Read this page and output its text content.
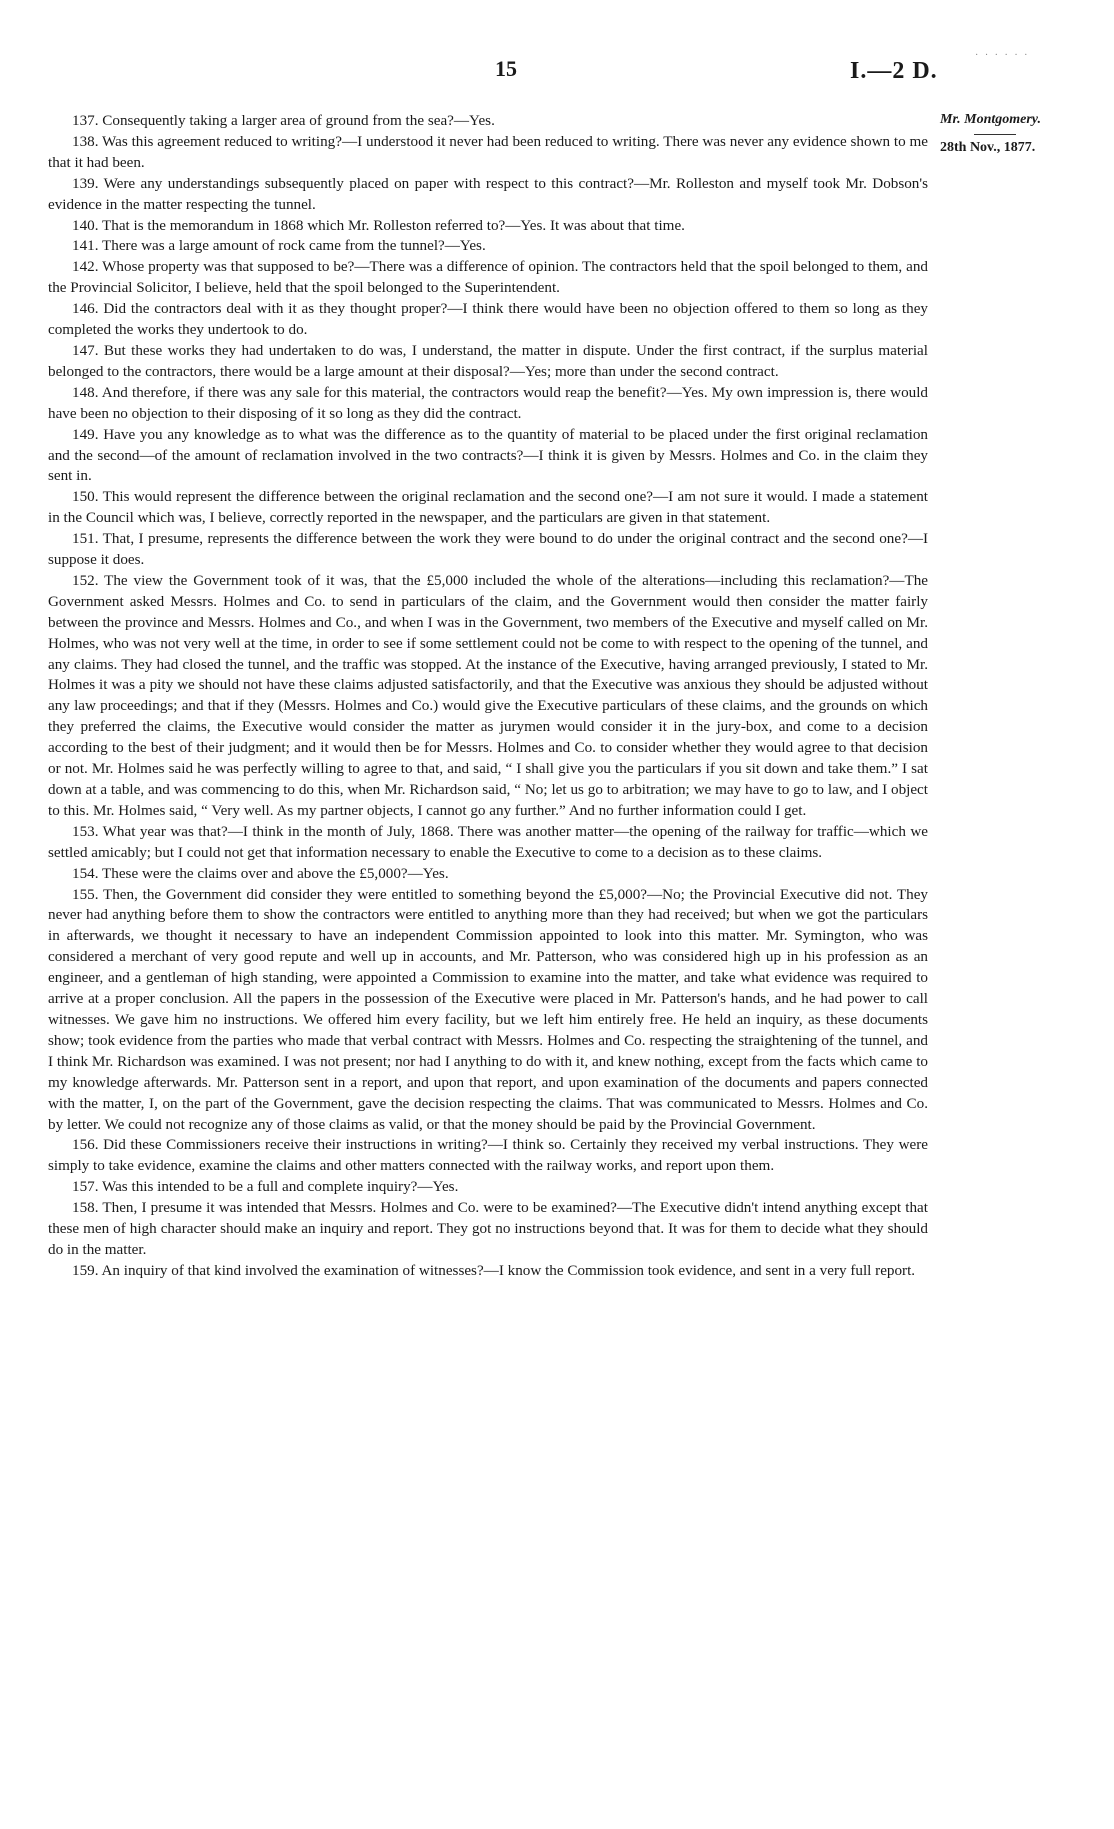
15	I.—2 D.
· · · · · ·
Mr. Montgomery.
28th Nov., 1877.

137. Consequently taking a larger area of ground from the sea?—Yes.

138. Was this agreement reduced to writing?—I understood it never had been reduced to writing. There was never any evidence shown to me that it had been.

139. Were any understandings subsequently placed on paper with respect to this contract?—Mr. Rolleston and myself took Mr. Dobson's evidence in the matter respecting the tunnel.

140. That is the memorandum in 1868 which Mr. Rolleston referred to?—Yes. It was about that time.

141. There was a large amount of rock came from the tunnel?—Yes.

142. Whose property was that supposed to be?—There was a difference of opinion. The contractors held that the spoil belonged to them, and the Provincial Solicitor, I believe, held that the spoil belonged to the Superintendent.

146. Did the contractors deal with it as they thought proper?—I think there would have been no objection offered to them so long as they completed the works they undertook to do.

147. But these works they had undertaken to do was, I understand, the matter in dispute. Under the first contract, if the surplus material belonged to the contractors, there would be a large amount at their disposal?—Yes; more than under the second contract.

148. And therefore, if there was any sale for this material, the contractors would reap the benefit?—Yes. My own impression is, there would have been no objection to their disposing of it so long as they did the contract.

149. Have you any knowledge as to what was the difference as to the quantity of material to be placed under the first original reclamation and the second—of the amount of reclamation involved in the two contracts?—I think it is given by Messrs. Holmes and Co. in the claim they sent in.

150. This would represent the difference between the original reclamation and the second one?—I am not sure it would. I made a statement in the Council which was, I believe, correctly reported in the newspaper, and the particulars are given in that statement.

151. That, I presume, represents the difference between the work they were bound to do under the original contract and the second one?—I suppose it does.

152. The view the Government took of it was, that the £5,000 included the whole of the alterations—including this reclamation?—The Government asked Messrs. Holmes and Co. to send in particulars of the claim, and the Government would then consider the matter fairly between the province and Messrs. Holmes and Co., and when I was in the Government, two members of the Executive and myself called on Mr. Holmes, who was not very well at the time, in order to see if some settlement could not be come to with respect to the opening of the tunnel, and any claims. They had closed the tunnel, and the traffic was stopped. At the instance of the Executive, having arranged previously, I stated to Mr. Holmes it was a pity we should not have these claims adjusted satisfactorily, and that the Executive was anxious they should be adjusted without any law proceedings; and that if they (Messrs. Holmes and Co.) would give the Executive particulars of these claims, and the grounds on which they preferred the claims, the Executive would consider the matter as jurymen would consider it in the jury-box, and come to a decision according to the best of their judgment; and it would then be for Messrs. Holmes and Co. to consider whether they would agree to that decision or not. Mr. Holmes said he was perfectly willing to agree to that, and said, “ I shall give you the particulars if you sit down and take them.” I sat down at a table, and was commencing to do this, when Mr. Richardson said, “ No; let us go to arbitration; we may have to go to law, and I object to this. Mr. Holmes said, “ Very well. As my partner objects, I cannot go any further.” And no further information could I get.

153. What year was that?—I think in the month of July, 1868. There was another matter—the opening of the railway for traffic—which we settled amicably; but I could not get that information necessary to enable the Executive to come to a decision as to these claims.

154. These were the claims over and above the £5,000?—Yes.

155. Then, the Government did consider they were entitled to something beyond the £5,000?—No; the Provincial Executive did not. They never had anything before them to show the contractors were entitled to anything more than they had received; but when we got the particulars in afterwards, we thought it necessary to have an independent Commission appointed to look into this matter. Mr. Symington, who was considered a merchant of very good repute and well up in accounts, and Mr. Patterson, who was considered high up in his profession as an engineer, and a gentleman of high standing, were appointed a Commission to examine into the matter, and take what evidence was required to arrive at a proper conclusion. All the papers in the possession of the Executive were placed in Mr. Patterson's hands, and he had power to call witnesses. We gave him no instructions. We offered him every facility, but we left him entirely free. He held an inquiry, as these documents show; took evidence from the parties who made that verbal contract with Messrs. Holmes and Co. respecting the straightening of the tunnel, and I think Mr. Richardson was examined. I was not present; nor had I anything to do with it, and knew nothing, except from the facts which came to my knowledge afterwards. Mr. Patterson sent in a report, and upon that report, and upon examination of the documents and papers connected with the matter, I, on the part of the Government, gave the decision respecting the claims. That was communicated to Messrs. Holmes and Co. by letter. We could not recognize any of those claims as valid, or that the money should be paid by the Provincial Government.

156. Did these Commissioners receive their instructions in writing?—I think so. Certainly they received my verbal instructions. They were simply to take evidence, examine the claims and other matters connected with the railway works, and report upon them.

157. Was this intended to be a full and complete inquiry?—Yes.

158. Then, I presume it was intended that Messrs. Holmes and Co. were to be examined?—The Executive didn't intend anything except that these men of high character should make an inquiry and report. They got no instructions beyond that. It was for them to decide what they should do in the matter.

159. An inquiry of that kind involved the examination of witnesses?—I know the Commission took evidence, and sent in a very full report.
